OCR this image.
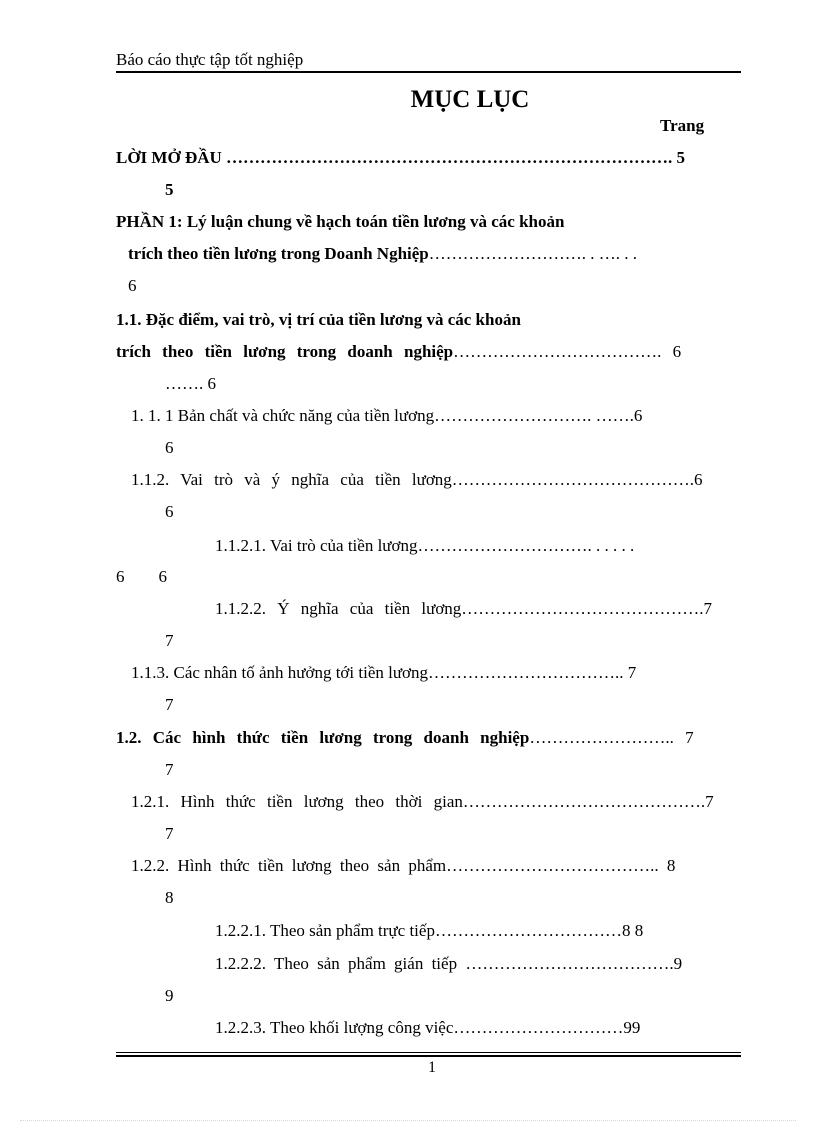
Báo cáo thực tập tốt nghiệp
MỤC LỤC
Trang
LỜI MỞ ĐẦU ……………………………………………………………………. 5
5
PHẦN 1: Lý luận chung về hạch toán tiền lương và các khoản
trích theo tiền lương trong Doanh Nghiệp………………………. . …. . .
6
1.1. Đặc điểm, vai trò, vị trí của tiền lương và các khoản
trích theo tiền lương trong doanh nghiệp………………………………. 6
……. 6
1. 1. 1 Bản chất và chức năng của tiền lương………………………. …….6
6
1.1.2. Vai trò và ý nghĩa của tiền lương…………………………………….6
6
1.1.2.1. Vai trò của tiền lương…………………………. . . . . .
6        6
1.1.2.2. Ý nghĩa của tiền lương…………………………………….7
7
1.1.3. Các nhân tố ảnh hưởng tới tiền lương…………………………….. 7
7
1.2. Các hình thức tiền lương trong doanh nghiệp…………………….. 7
7
1.2.1. Hình thức tiền lương theo thời gian…………………………………….7
7
1.2.2. Hình thức tiền lương theo sản phẩm……………………………….. 8
8
1.2.2.1. Theo sản phẩm trực tiếp……………………………8 8
1.2.2.2. Theo sản phẩm gián tiếp ……………………………….9
9
1.2.2.3. Theo khối lượng công việc…………………………99
1
